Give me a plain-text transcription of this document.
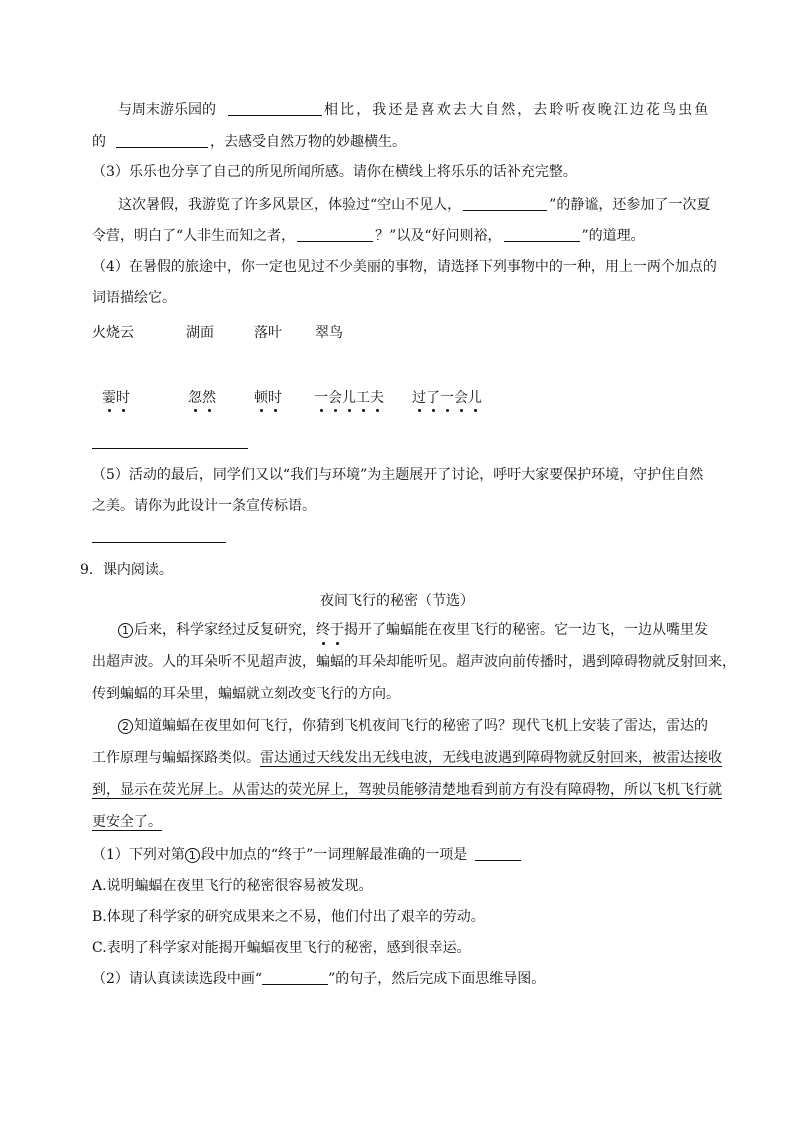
与周末游乐园的	相比，我还是喜欢去大自然，去聆听夜晚江边花鸟虫鱼
的	，去感受自然万物的妙趣横生。
（3）乐乐也分享了自己的所见所闻所感。请你在横线上将乐乐的话补充完整。
这次暑假，我游览了许多风景区，体验过“空山不见人，	”的静谧，还参加了一次夏
令营，明白了“人非生而知之者，	？”以及“好问则裕，	”的道理。
（4）在暑假的旅途中，你一定也见过不少美丽的事物，请选择下列事物中的一种，用上一两个加点的
词语描绘它。
火烧云	湖面	落叶 翠鸟
霎时	忽然	顿时 一会儿工夫 过了一会儿
（5）活动的最后，同学们又以“我们与环境”为主题展开了讨论，呼吁大家要保护环境，守护住自然
之美。请你为此设计一条宣传标语。
9．课内阅读。
夜间飞行的秘密（节选）
1 后来，科学家经过反复研究，终于揭开了蝙蝠能在夜里飞行的秘密。它一边飞，一边从嘴里发
出超声波。人的耳朵听不见超声波，蝙蝠的耳朵却能听见。超声波向前传播时，遇到障碍物就反射回来，
传到蝙蝠的耳朵里，蝙蝠就立刻改变飞行的方向。
2 知道蝙蝠在夜里如何飞行，你猜到飞机夜间飞行的秘密了吗？现代飞机上安装了雷达，雷达的
工作原理与蝙蝠探路类似。雷达通过天线发出无线电波，无线电波遇到障碍物就反射回来，被雷达接收
到，显示在荧光屏上。从雷达的荧光屏上，驾驶员能够清楚地看到前方有没有障碍物，所以飞机飞行就
更安全了。
（1）下列对第 1 段中加点的“终于”一词理解最准确的一项是
A.说明蝙蝠在夜里飞行的秘密很容易被发现。
B.体现了科学家的研究成果来之不易，他们付出了艰辛的劳动。
C.表明了科学家对能揭开蝙蝠夜里飞行的秘密，感到很幸运。
（2）请认真读读选段中画“	”的句子，然后完成下面思维导图。
